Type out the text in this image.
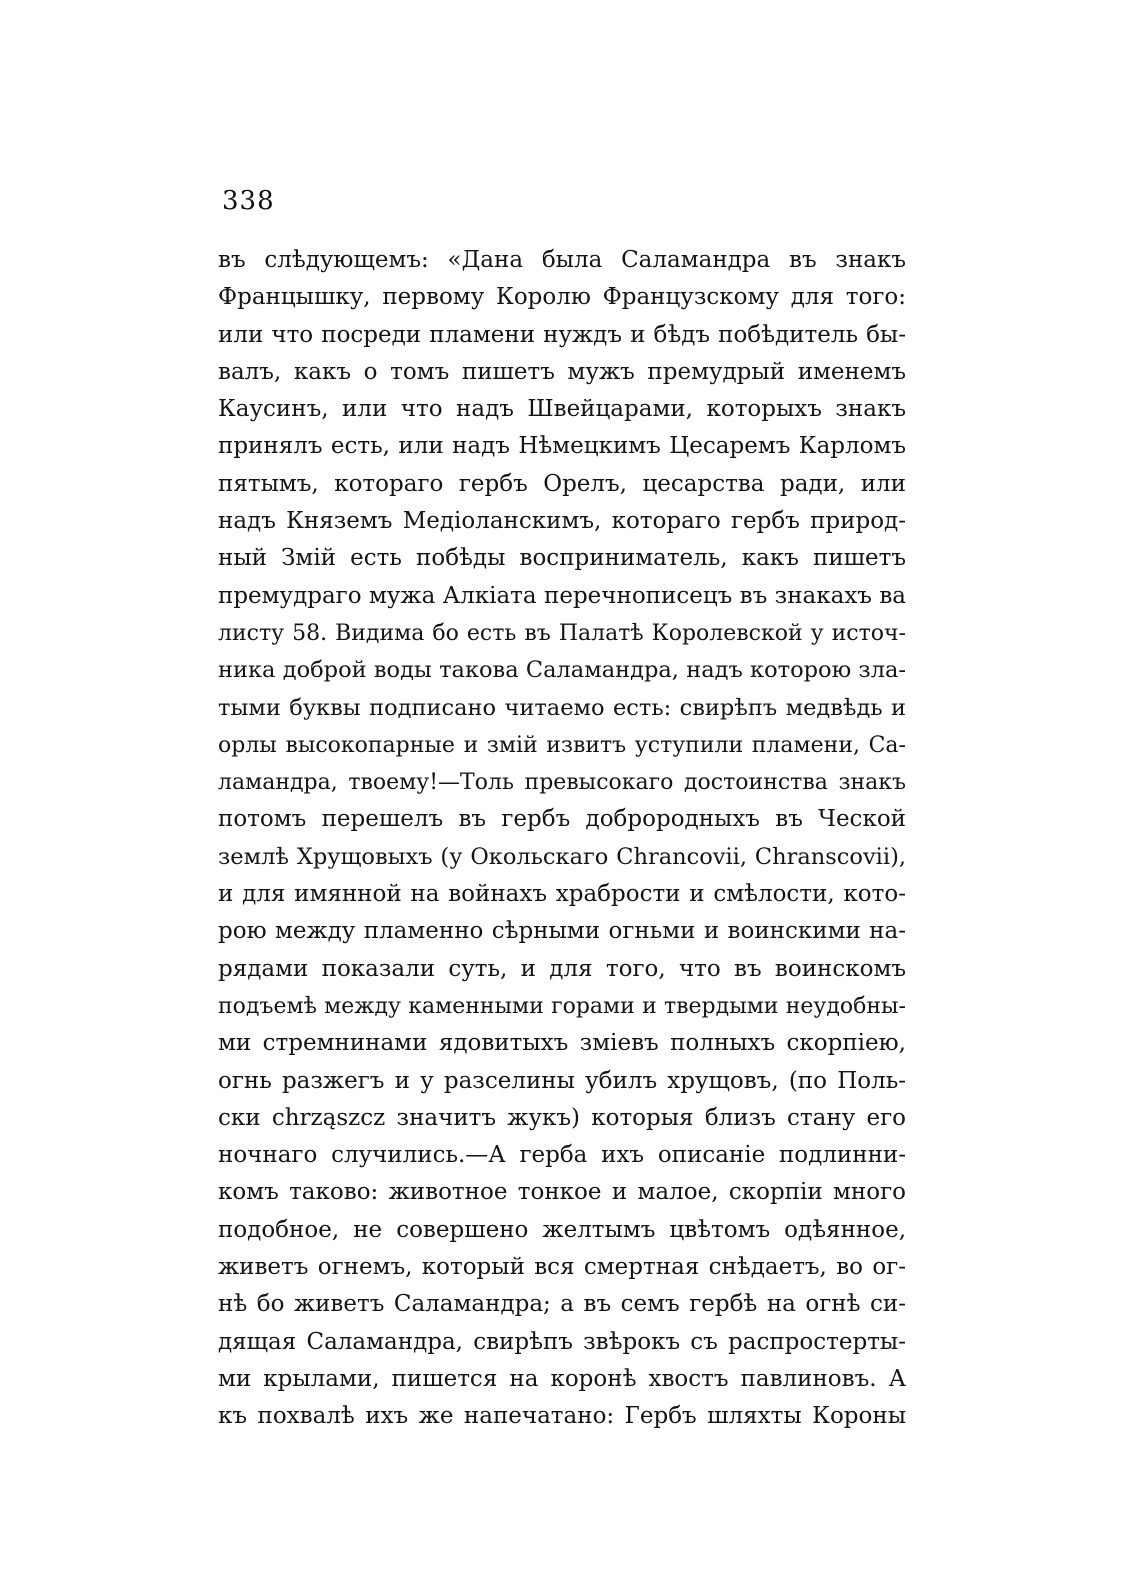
338
въ слѣдующемъ: «Дана была Саламандра въ знакъ
Францышку, первому Королю Французскому для того:
или что посреди пламени нуждъ и бѣдъ побѣдитель бы-
валъ, какъ о томъ пишетъ мужъ премудрый именемъ
Каусинъ, или что надъ Швейцарами, которыхъ знакъ
принялъ есть, или надъ Нѣмецкимъ Цесаремъ Карломъ
пятымъ, котораго гербъ Орелъ, цесарства ради, или
надъ Княземъ Медіоланскимъ, котораго гербъ природ-
ный Змій есть побѣды восприниматель, какъ пишетъ
премудраго мужа Алкіата перечнописецъ въ знакахъ ва
листу 58. Видима бо есть въ Палатѣ Королевской у источ-
ника доброй воды такова Саламандра, надъ которою зла-
тыми буквы подписано читаемо есть: свирѣпъ медвѣдь и
орлы высокопарные и змій извитъ уступили пламени, Са-
ламандра, твоему!—Толь превысокаго достоинства знакъ
потомъ перешелъ въ гербъ доброродныхъ въ Ческой
землѣ Хрущовыхъ (у Окольскаго Chrancovii, Chranscovii),
и для имянной на войнахъ храбрости и смѣлости, кото-
рою между пламенно сѣрными огньми и воинскими на-
рядами показали суть, и для того, что въ воинскомъ
подъемѣ между каменными горами и твердыми неудобны-
ми стремнинами ядовитыхъ зміевъ полныхъ скорпіею,
огнь разжегъ и у разселины убилъ хрущовъ, (по Поль-
ски chrząszcz значитъ жукъ) которыя близъ стану его
ночнаго случились.—А герба ихъ описаніе подлинни-
комъ таково: животное тонкое и малое, скорпіи много
подобное, не совершено желтымъ цвѣтомъ одѣянное,
живетъ огнемъ, который вся смертная снѣдаетъ, во ог-
нѣ бо живетъ Саламандра; а въ семъ гербѣ на огнѣ си-
дящая Саламандра, свирѣпъ звѣрокъ съ распростерты-
ми крылами, пишется на коронѣ хвостъ павлиновъ. А
къ похвалѣ ихъ же напечатано: Гербъ шляхты Короны
